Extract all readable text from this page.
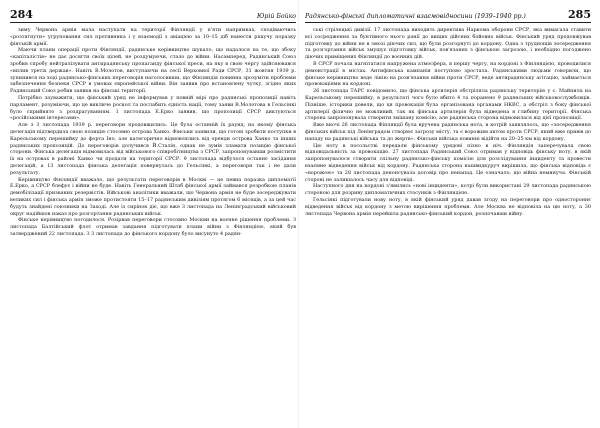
284	Юрій Бойко

зиму Червона армія мала наступати на території Фінляндії у п'яти напрямках, сподіваючись «розтягнути» угруповання сил противника і у взаємодії з авіацією за 10–15 діб нанести рішучу поразку фінській армії.

Маючи плани операції проти Фінляндії, радянське керівництво шукало, що надалося на те, що збоку «капіталістів» не дає досягти своїх цілей, не роздумуючи, стало до війни. Насамперед, Радянський Союз зробив спробу нейтралізувати антирадянську пропаганду фінської преси, на яку в свою чергу здійснювався «вплив третіх держав». Навіть В.Молотов, виступаючи на сесії Верховної Ради СРСР, 31 жовтня 1939 р. зупинився на ході радянсько-фінських переговорів наголосивши, що Фінляндія повинна зрозуміти проблеми забезпечення безпеки СРСР в умовах європейської війни. Він заявив про встановлену чутку, згідно яких Радянський Союз робив заявки на фінські території.

Потрібно зауважити, що фінський уряд не інформував у повній мірі про радянські пропозиції навіть парламент, розуміючи, що це викличе роскол та послабить єдність нації, тому заяви В.Молотова в Гельсінкі було сприйнято з роздратуванням. 1 листопада Е.Ерко заявив, що пропозиції СРСР диктуються «російськими інтересами».

Але з 3 листопада 1939 р. переговори продовжились. Це була останній їх раунд, на якому фінська делегація підтвердила свою позицію стосовно острова Ханко. Фінськи заявили, що готові зробити поступки в Карельському перешийку до форта Іно, але категорично відмовлялись від оренди острова Ханко та інших радянських пропозицій. До переговорів долучився Й.Сталін, однак не зумів зламати позицію фінської сторони. Фінська делегація відмовилась від військового співробітництва з СРСР, запропонувавши розмістити їх на островах в районі Ханко чи продати на території СРСР. 9 листопада відбулося останнє засідання делегацій, а 13 листопада фінська делегація повернулась до Гельсінкі, а переговори так і не дали результату.

Керівництво Фінляндії вважало, що результати переговорів в Москві — це певна поразка дипломатії Е.Ерко, а СРСР блефує і війни не буде. Навіть Генеральний Штаб фінської армії займався розробкою планів демобілізації призваних резервістів. Військові аналітики вважали, що Червона армія не буде зосереджувати великих сил і фінська армія зможе протистояти 15–17 радянським дивізіям протягом 6 місяців, а за цей час будуть знайдені союзники на Заході. Але із сирінок діє, що вже 3 листопада на Ленінградський військовий округ надійшов наказ про розгортання радянських військ.

Фінське керівництво погодилося. Розірвав переговори стосовно Москви на воєнне рішення проблеми. З листопада Балтійський флот отримав завдання підготувати плани війни з Фінляндією, який був затверджений 22 листопада. З 3 листопада до фінського кордону було висунуто 4 радян-

Радянсько-фінські дипломатичні взаємовідносини (1939–1940 рр.)	285

ські стрілецькі дивізії. 17 листопада виходить директива Наркома оборони СРСР, яка вимагала ставити всі сосредження за бунтівного нього ранії до вищих дійсних бойових військ. Фінський уряд продовжував підготовку до війни не в змозі діючих сил, що були розгорнуті до кордону. Одна з труднощів зосередження та розгортання військ змушує підготовку військ, пов'язаних з фінською загрозою, і необхідно погоджено діючих приміщених Фінляндії до воєнних дій.

В СРСР почала нагнітатися напружена атмосфера, в першу чергу, на кордоні з Фінляндією, проводилися демонстрації в містах. Антифінська кампанія поступово зростала. Радянськими людьми говорили, що фінське керівництво веде лінію на розв'язання війни проти СРСР, веде антирадянську агітацію, займається провокаціями на кордоні.

26 листопада ТАРС повідомило, що фінська артилерія обстріляла радянську територію у с. Майнила на Карельському перешийку, в результаті чого було вбито 4 та поранено 9 радянських військовослужбовців. Пізніше, історики довели, що ця провокація була організована органами НКВС, а обстріл з боку фінської артилерії фізично не можливий, так як фінська артилерія була відведена в глибину території. Фінська сторона запропонувала створити змішану комісію, але радянська сторона відмовилася від цієї пропозиції.

Вже вночі 26 листопада Фінляндії була вручена радянська нота, в котрій заявлялось, що «зосередження фінських військ під Ленінградом створює загрозу місту, та є ворожим актом проти СРСР, який вже привів до нападу на радянські війська та до жертв». Фінськи війська повинні відійти на 20–25 км від кордону.

Цю ноту в посольстві передали фінському урядові пізно в ніч. Фінляндія заперечувала свою відповідальність за провокацію. 27 листопада Радянський Союз отримав у відповідь фінську ноту, в якій запропонувалося створити спільну радянсько-фінську комісію для розслідування інциденту та провести взаємне відведення військ від кордону. Радянська сторона нашвидкуруч вирішила, що фінська відповідь є «ворожою» та 28 листопада денонсувала договір про ненапад. Це означало, що війна неминуча. Фінській стороні не залишалось часу для відповіді.

Наступного дня на кордоні з'явились «нові інциденти», котрі були використані 29 листопада радянською стороною для розриву дипломатичних стосунків з Фінляндією.

Гельсінкі підготували нову ноту, в якій фінський уряд давав згоду на переговори про одностороннє відведення військ від кордону з метою вирішення проблеми. Але Москва не відповіла на цю ноту, а 30 листопада Червона армія перейшла радянсько-фінський кордон, розпочавши війну.
